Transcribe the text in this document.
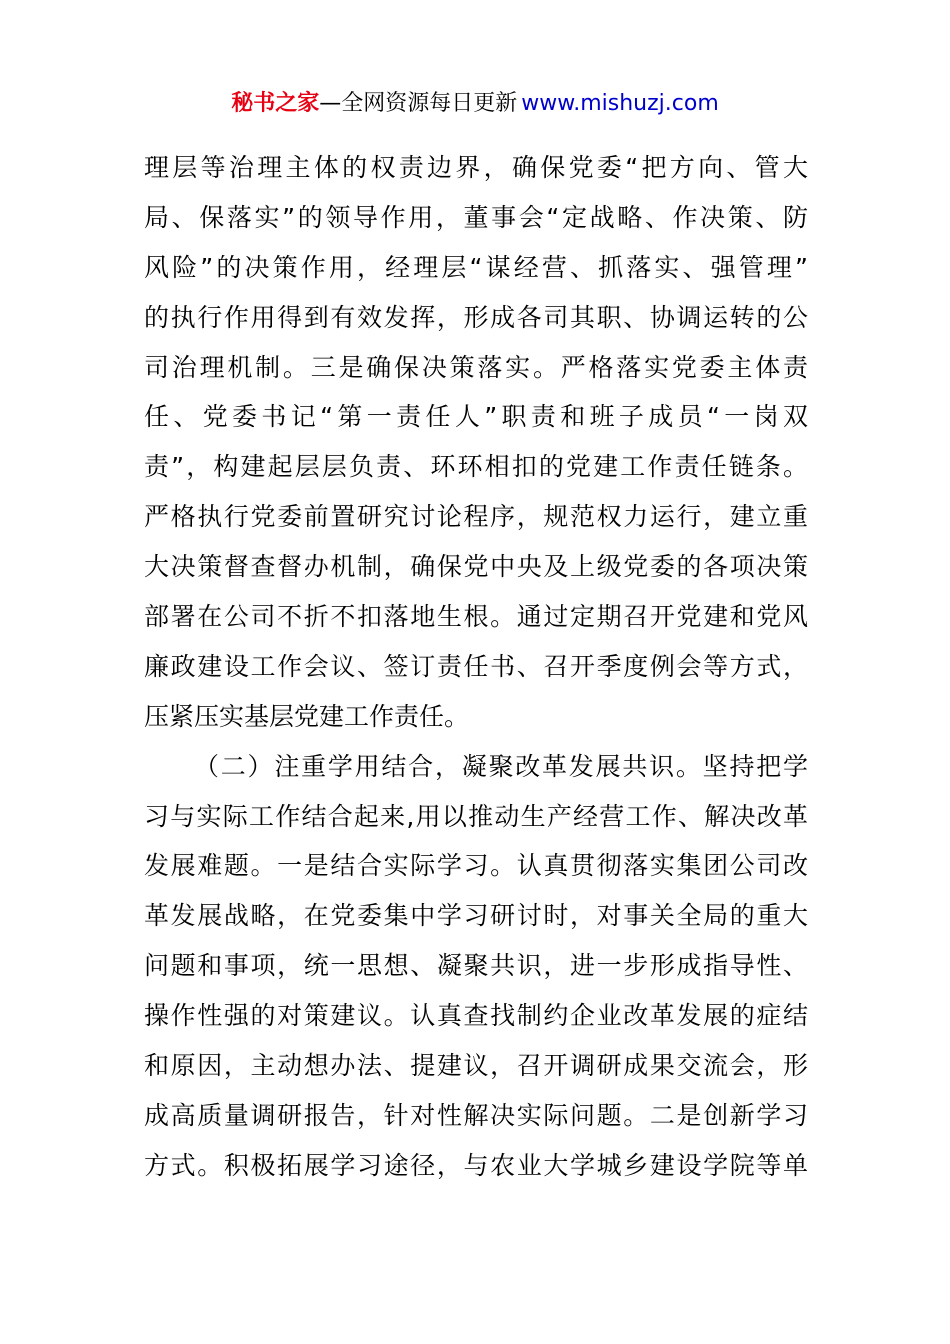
秘书之家—全网资源每日更新 www.mishuzj.com
理层等治理主体的权责边界，确保党委“把方向、管大
局、保落实”的领导作用，董事会“定战略、作决策、防
风险”的决策作用，经理层“谋经营、抓落实、强管理”
的执行作用得到有效发挥，形成各司其职、协调运转的公
司治理机制。三是确保决策落实。严格落实党委主体责
任、党委书记“第一责任人”职责和班子成员“一岗双
责”，构建起层层负责、环环相扣的党建工作责任链条。
严格执行党委前置研究讨论程序，规范权力运行，建立重
大决策督查督办机制，确保党中央及上级党委的各项决策
部署在公司不折不扣落地生根。通过定期召开党建和党风
廉政建设工作会议、签订责任书、召开季度例会等方式，
压紧压实基层党建工作责任。
（二）注重学用结合，凝聚改革发展共识。坚持把学
习与实际工作结合起来,用以推动生产经营工作、解决改革
发展难题。一是结合实际学习。认真贯彻落实集团公司改
革发展战略，在党委集中学习研讨时，对事关全局的重大
问题和事项，统一思想、凝聚共识，进一步形成指导性、
操作性强的对策建议。认真查找制约企业改革发展的症结
和原因，主动想办法、提建议，召开调研成果交流会，形
成高质量调研报告，针对性解决实际问题。二是创新学习
方式。积极拓展学习途径，与农业大学城乡建设学院等单
